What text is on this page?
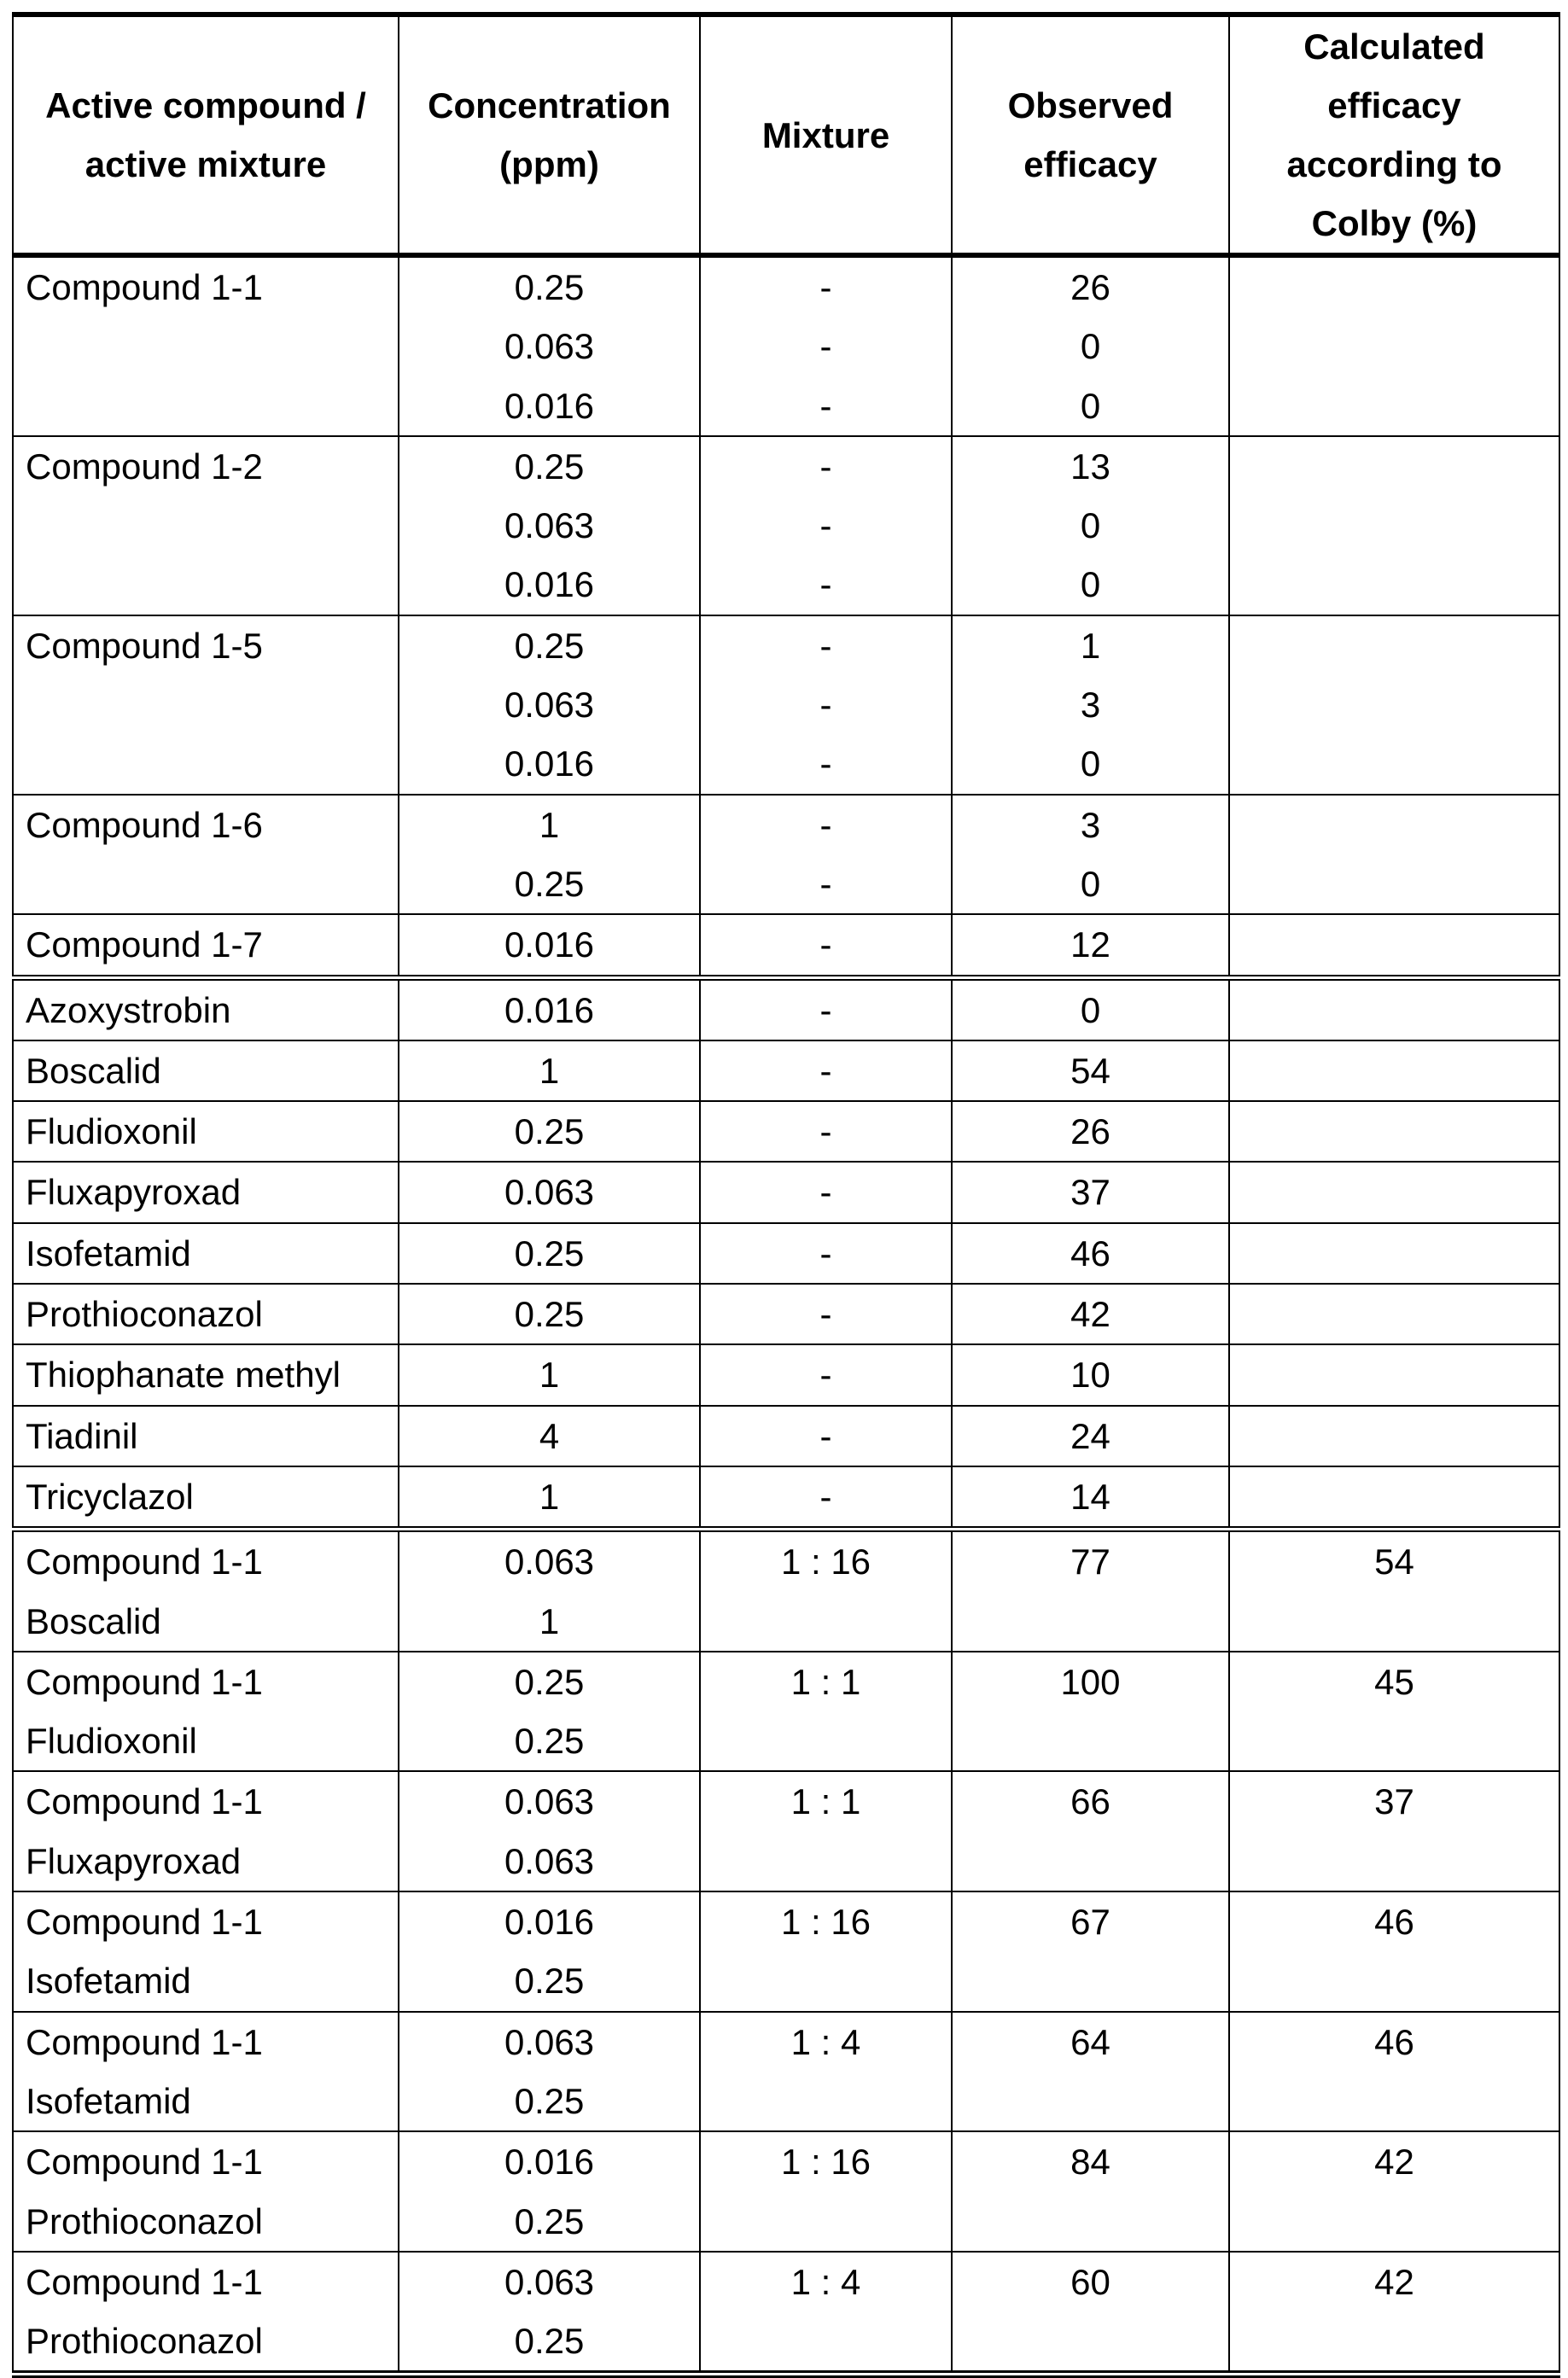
Active compound /
active mixture

Concentration
(ppm)

Mixture

Observed
efficacy

Calculated
efficacy
according to
Colby (%)

Compound 1-1	0.25
0.063
0.016

-
-
-

26
0
0

Compound 1-2	0.25
0.063
0.016

-
-
-

13
0
0

Compound 1-5	0.25
0.063
0.016

-
-
-

1
3
0

Compound 1-6	1
0.25

-
-

3
0

Compound 1-7	0.016	-	12

Azoxystrobin	0.016	-	0

Boscalid	1	-	54

Fludioxonil	0.25	-	26

Fluxapyroxad	0.063	-	37

Isofetamid	0.25	-	46

Prothioconazol	0.25	-	42

Thiophanate methyl	1	-	10

Tiadinil	4	-	24

Tricyclazol	1	-	14

Compound 1-1
Boscalid

0.063
1

1 : 16	77	54

Compound 1-1
Fludioxonil

0.25
0.25

1 : 1	100	45

Compound 1-1
Fluxapyroxad

0.063
0.063

1 : 1	66	37

Compound 1-1
Isofetamid

0.016
0.25

1 : 16	67	46

Compound 1-1
Isofetamid

0.063
0.25

1 : 4	64	46

Compound 1-1
Prothioconazol

0.016
0.25

1 : 16	84	42

Compound 1-1
Prothioconazol

0.063
0.25

1 : 4	60	42
